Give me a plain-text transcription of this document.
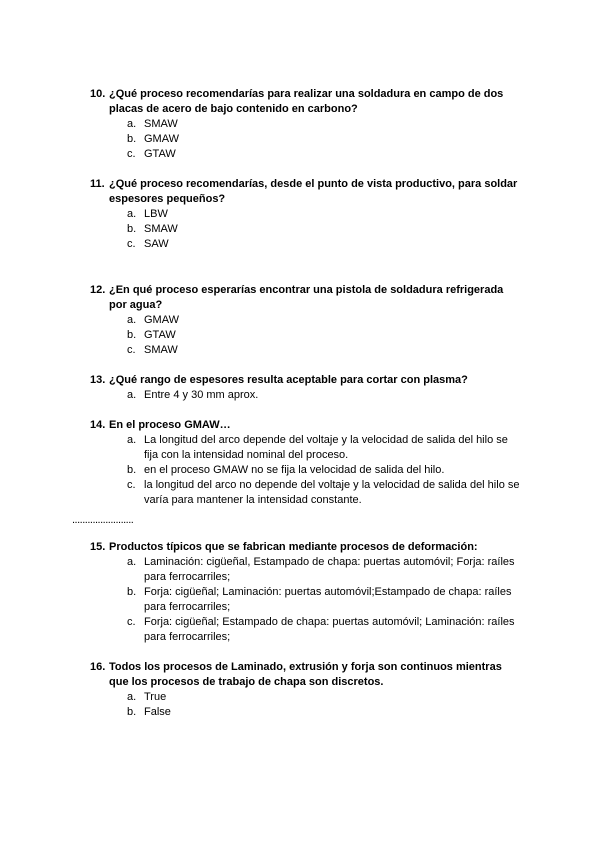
10. ¿Qué proceso recomendarías para realizar una soldadura en campo de dos placas de acero de bajo contenido en carbono?

a. SMAW
b. GMAW
c. GTAW

11. ¿Qué proceso recomendarías, desde el punto de vista productivo, para soldar espesores pequeños?

a. LBW
b. SMAW
c. SAW

12. ¿En qué proceso esperarías encontrar una pistola de soldadura refrigerada por agua?

a. GMAW
b. GTAW
c. SMAW

13. ¿Qué rango de espesores resulta aceptable para cortar con plasma?

a. Entre 4 y 30 mm aprox.

14. En el proceso GMAW…

a. La longitud del arco depende del voltaje y la velocidad de salida del hilo se fija con la intensidad nominal del proceso.
b. en el proceso GMAW no se fija la velocidad de salida del hilo.
c. la longitud del arco no depende del voltaje y la velocidad de salida del hilo se varía para mantener la intensidad constante.
........................

15. Productos típicos que se fabrican mediante procesos de deformación:

a. Laminación: cigüeñal, Estampado de chapa: puertas automóvil; Forja: raíles para ferrocarriles;
b. Forja: cigüeñal; Laminación: puertas automóvil;Estampado de chapa: raíles para ferrocarriles;
c. Forja: cigüeñal; Estampado de chapa: puertas automóvil; Laminación: raíles para ferrocarriles;

16. Todos los procesos de Laminado, extrusión y forja son continuos mientras que los procesos de trabajo de chapa son discretos.

a. True
b. False
